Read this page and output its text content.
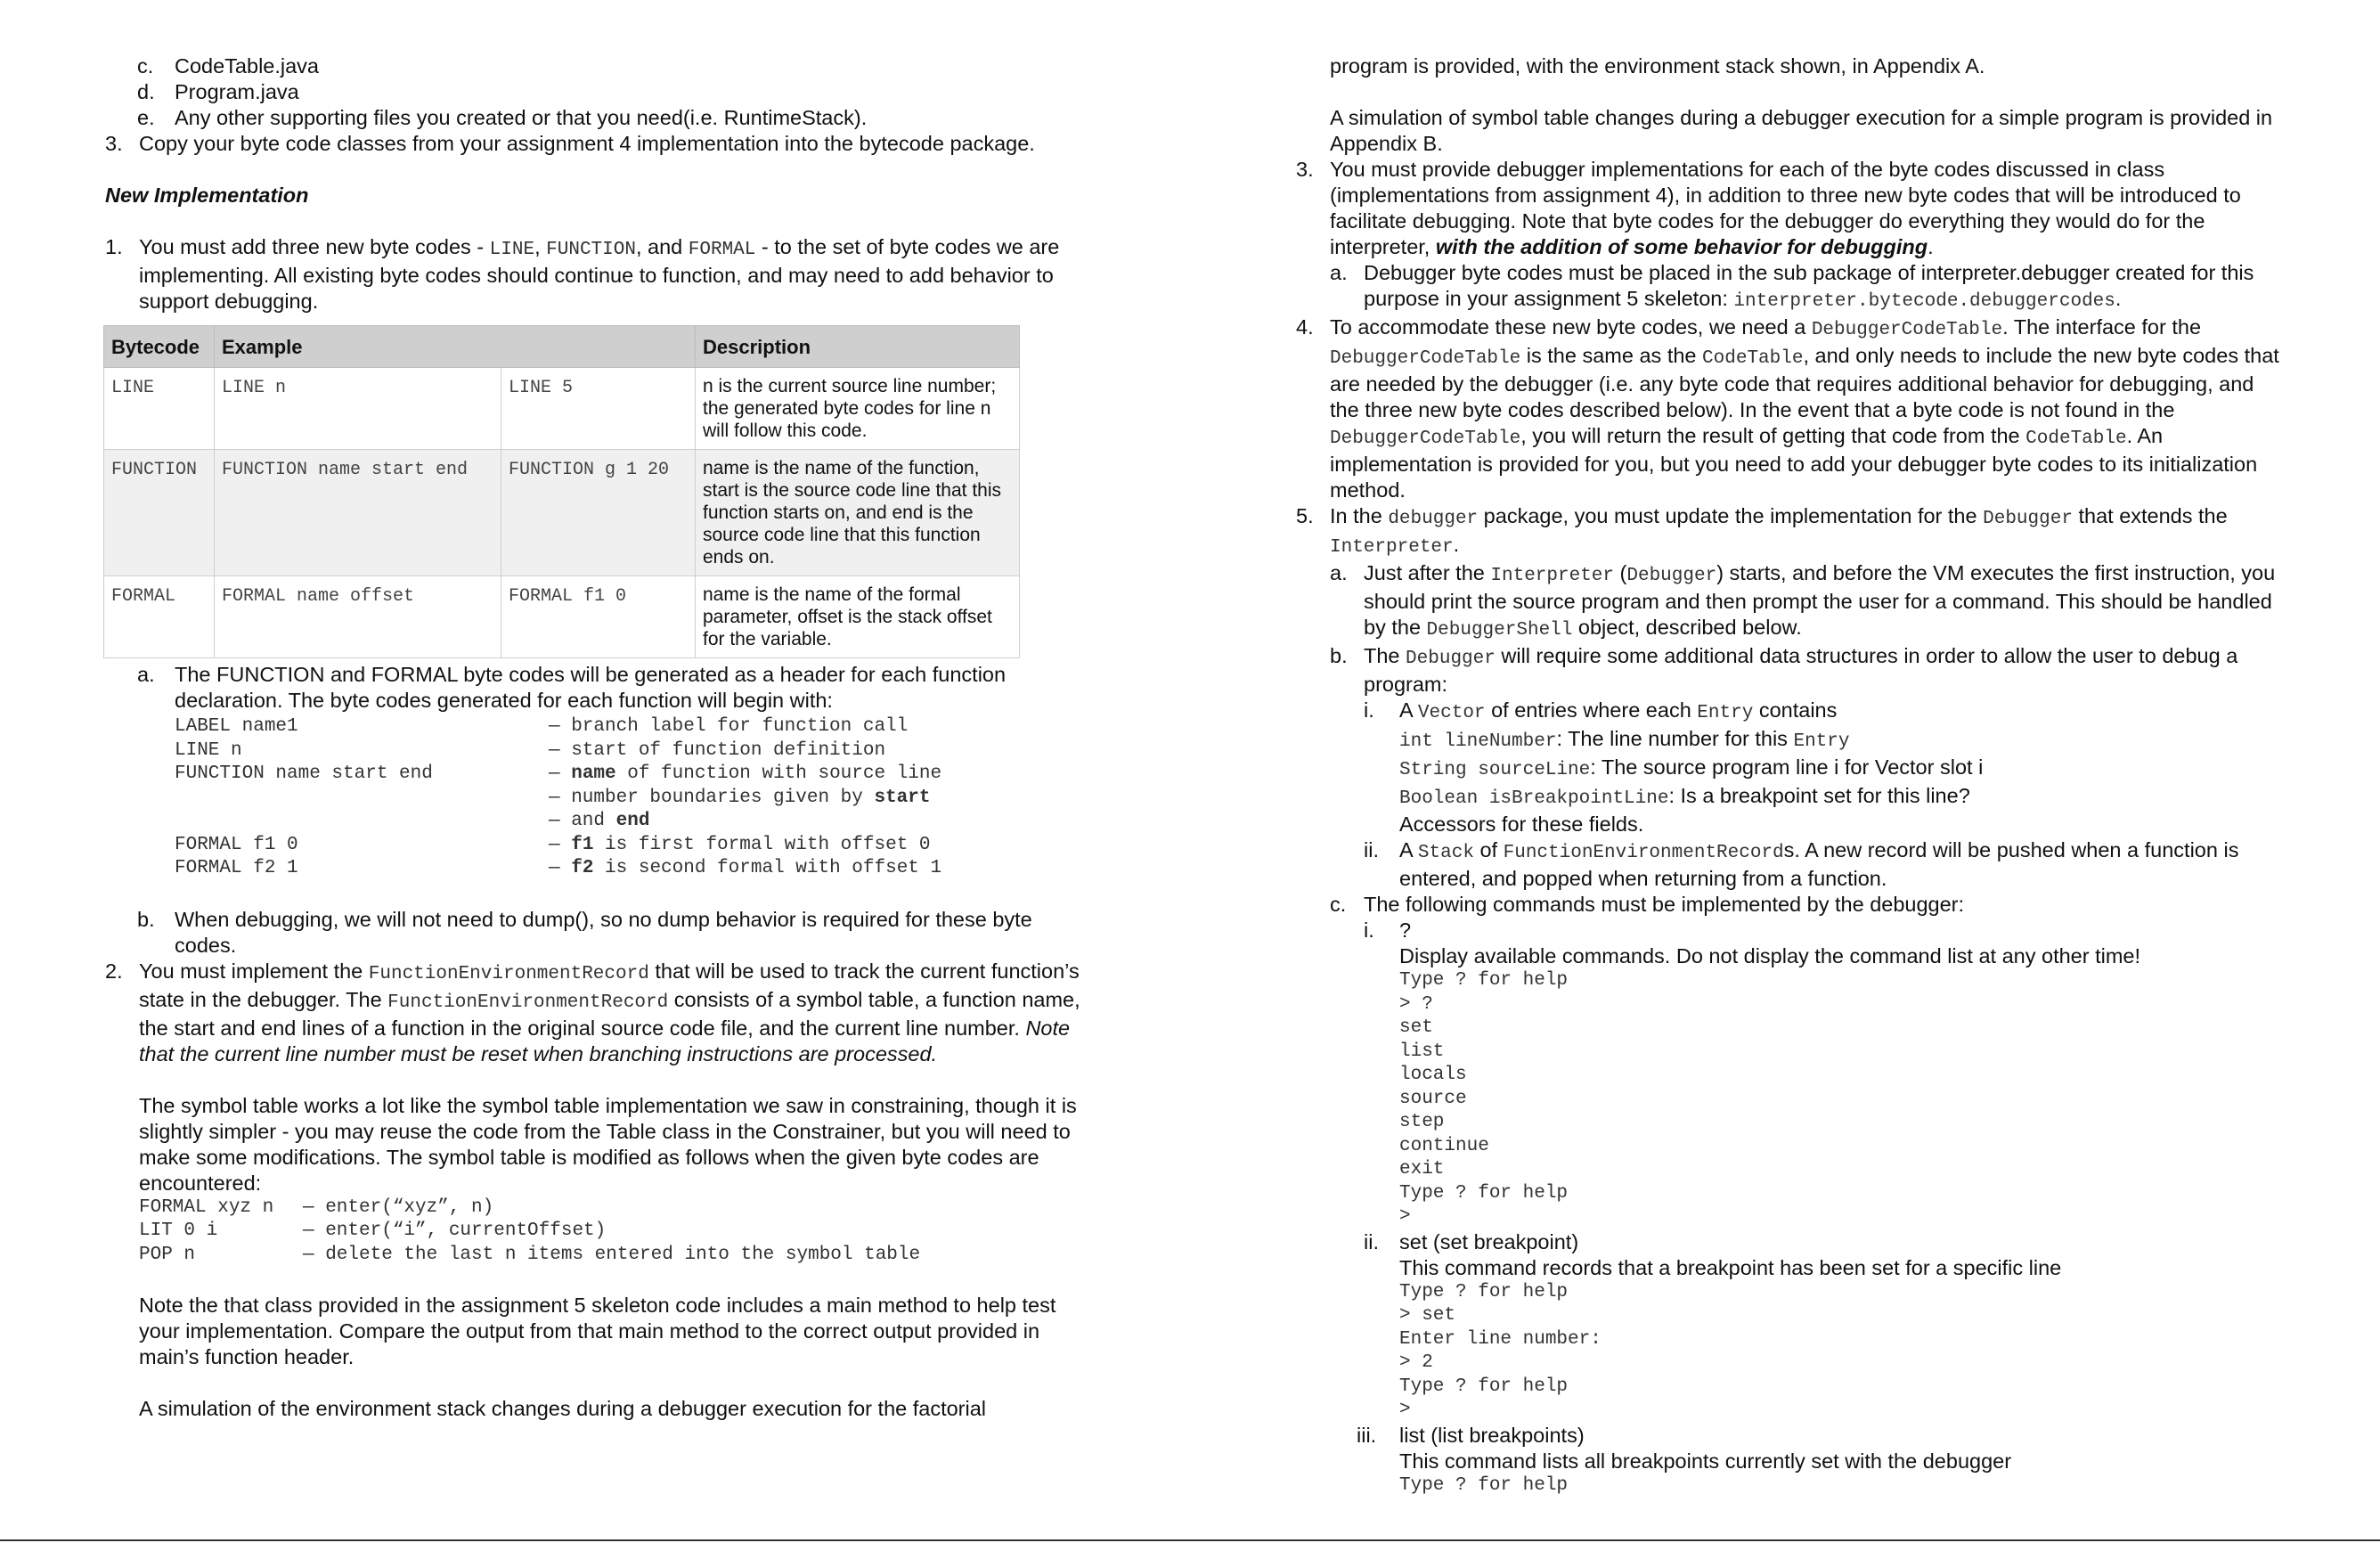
c. CodeTable.java
d. Program.java
e. Any other supporting files you created or that you need(i.e. RuntimeStack).
3. Copy your byte code classes from your assignment 4 implementation into the bytecode package.

New Implementation

1. You must add three new byte codes - LINE, FUNCTION, and FORMAL - to the set of byte codes we are implementing. All existing byte codes should continue to function, and may need to add behavior to support debugging.
Bytecode	Example		Description
LINE	LINE n	LINE 5	n is the current source line number; the generated byte codes for line n will follow this code.
FUNCTION	FUNCTION name start end	FUNCTION g 1 20	name is the name of the function, start is the source code line that this function starts on, and end is the source code line that this function ends on.
FORMAL	FORMAL name offset	FORMAL f1 0	name is the name of the formal parameter, offset is the stack offset for the variable.
a. The FUNCTION and FORMAL byte codes will be generated as a header for each function declaration. The byte codes generated for each function will begin with:

LABEL name1	— branch label for function call
LINE n	— start of function definition
FUNCTION name start end	— name of function with source line
— number boundaries given by start
— and end
FORMAL f1 0	— f1 is first formal with offset 0
FORMAL f2 1	— f2 is second formal with offset 1
b. When debugging, we will not need to dump(), so no dump behavior is required for these byte codes.
2. You must implement the FunctionEnvironmentRecord that will be used to track the current function’s state in the debugger. The FunctionEnvironmentRecord consists of a symbol table, a function name, the start and end lines of a function in the original source code file, and the current line number. Note that the current line number must be reset when branching instructions are processed.

The symbol table works a lot like the symbol table implementation we saw in constraining, though it is slightly simpler - you may reuse the code from the Table class in the Constrainer, but you will need to make some modifications. The symbol table is modified as follows when the given byte codes are encountered:

FORMAL xyz n — enter(“xyz”, n)
LIT 0 i	— enter(“i”, currentOffset)
POP n	— delete the last n items entered into the symbol table

Note the that class provided in the assignment 5 skeleton code includes a main method to help test your implementation. Compare the output from that main method to the correct output provided in main’s function header.

A simulation of the environment stack changes during a debugger execution for the factorial

program is provided, with the environment stack shown, in Appendix A.

A simulation of symbol table changes during a debugger execution for a simple program is provided in Appendix B.

3. You must provide debugger implementations for each of the byte codes discussed in class (implementations from assignment 4), in addition to three new byte codes that will be introduced to facilitate debugging. Note that byte codes for the debugger do everything they would do for the interpreter, with the addition of some behavior for debugging.
a. Debugger byte codes must be placed in the sub package of interpreter.debugger created for this purpose in your assignment 5 skeleton: interpreter.bytecode.debuggercodes.
4. To accommodate these new byte codes, we need a DebuggerCodeTable. The interface for the DebuggerCodeTable is the same as the CodeTable, and only needs to include the new byte codes that are needed by the debugger (i.e. any byte code that requires additional behavior for debugging, and the three new byte codes described below). In the event that a byte code is not found in the DebuggerCodeTable, you will return the result of getting that code from the CodeTable. An implementation is provided for you, but you need to add your debugger byte codes to its initialization method.
5. In the debugger package, you must update the implementation for the Debugger that extends the Interpreter.
a. Just after the Interpreter (Debugger) starts, and before the VM executes the first instruction, you should print the source program and then prompt the user for a command. This should be handled by the DebuggerShell object, described below.
b. The Debugger will require some additional data structures in order to allow the user to debug a program:
i. A Vector of entries where each Entry contains

int lineNumber: The line number for this Entry

String sourceLine: The source program line i for Vector slot i

Boolean isBreakpointLine: Is a breakpoint set for this line?

Accessors for these fields.

ii. A Stack of FunctionEnvironmentRecords. A new record will be pushed when a function is entered, and popped when returning from a function.
c. The following commands must be implemented by the debugger:
i. ?

Display available commands. Do not display the command list at any other time!

Type ? for help
> ?
set
list
locals
source
step
continue
exit
Type ? for help
>
ii. set (set breakpoint)

This command records that a breakpoint has been set for a specific line

Type ? for help
> set
Enter line number:
> 2
Type ? for help
>
iii. list (list breakpoints)

This command lists all breakpoints currently set with the debugger

Type ? for help
